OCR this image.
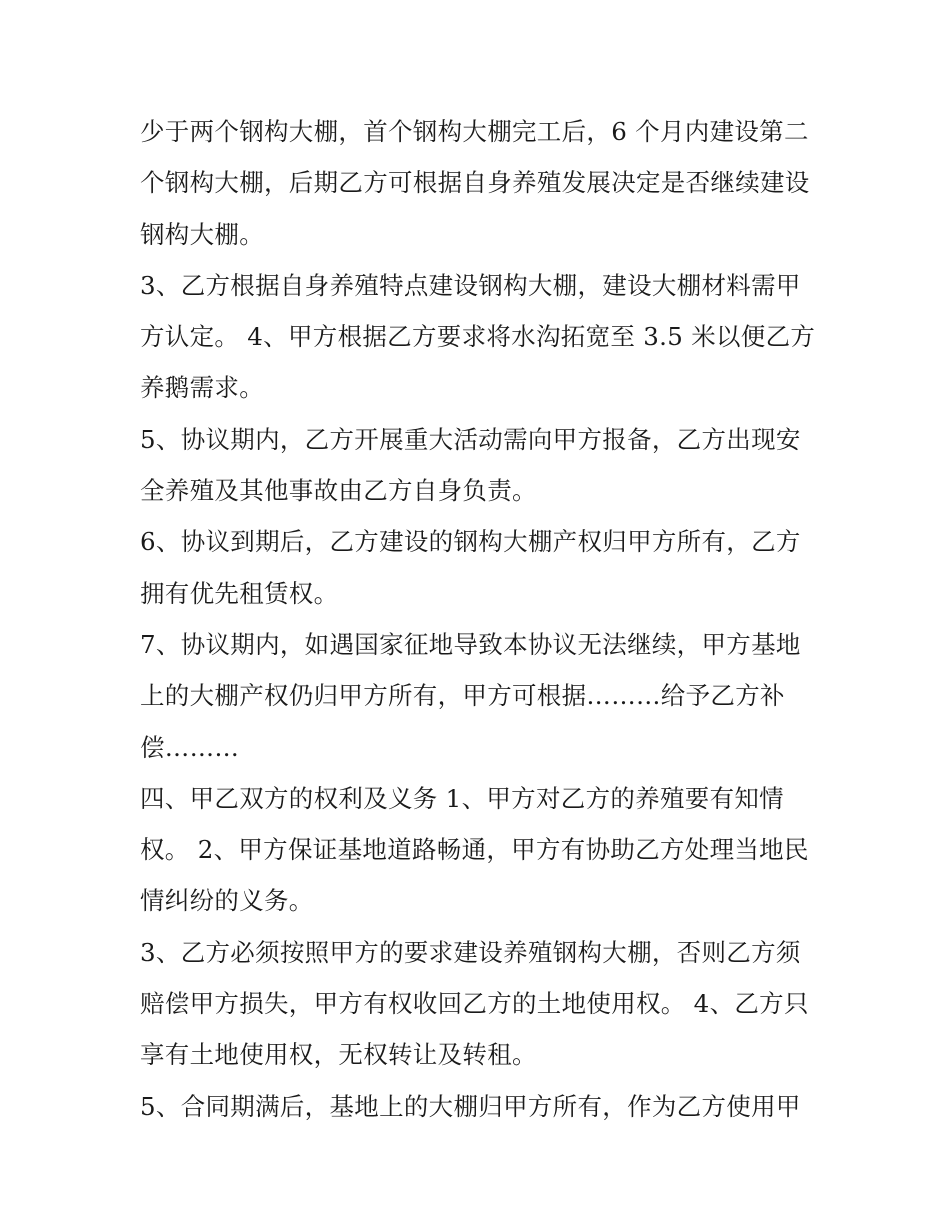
少于两个钢构大棚，首个钢构大棚完工后，6 个月内建设第二
个钢构大棚，后期乙方可根据自身养殖发展决定是否继续建设
钢构大棚。
3、乙方根据自身养殖特点建设钢构大棚，建设大棚材料需甲
方认定。 4、甲方根据乙方要求将水沟拓宽至 3.5 米以便乙方
养鹅需求。
5、协议期内，乙方开展重大活动需向甲方报备，乙方出现安
全养殖及其他事故由乙方自身负责。
6、协议到期后，乙方建设的钢构大棚产权归甲方所有，乙方
拥有优先租赁权。
7、协议期内，如遇国家征地导致本协议无法继续，甲方基地
上的大棚产权仍归甲方所有，甲方可根据………给予乙方补
偿………
四、甲乙双方的权利及义务 1、甲方对乙方的养殖要有知情
权。 2、甲方保证基地道路畅通，甲方有协助乙方处理当地民
情纠纷的义务。
3、乙方必须按照甲方的要求建设养殖钢构大棚，否则乙方须
赔偿甲方损失，甲方有权收回乙方的土地使用权。 4、乙方只
享有土地使用权，无权转让及转租。
5、合同期满后，基地上的大棚归甲方所有，作为乙方使用甲
